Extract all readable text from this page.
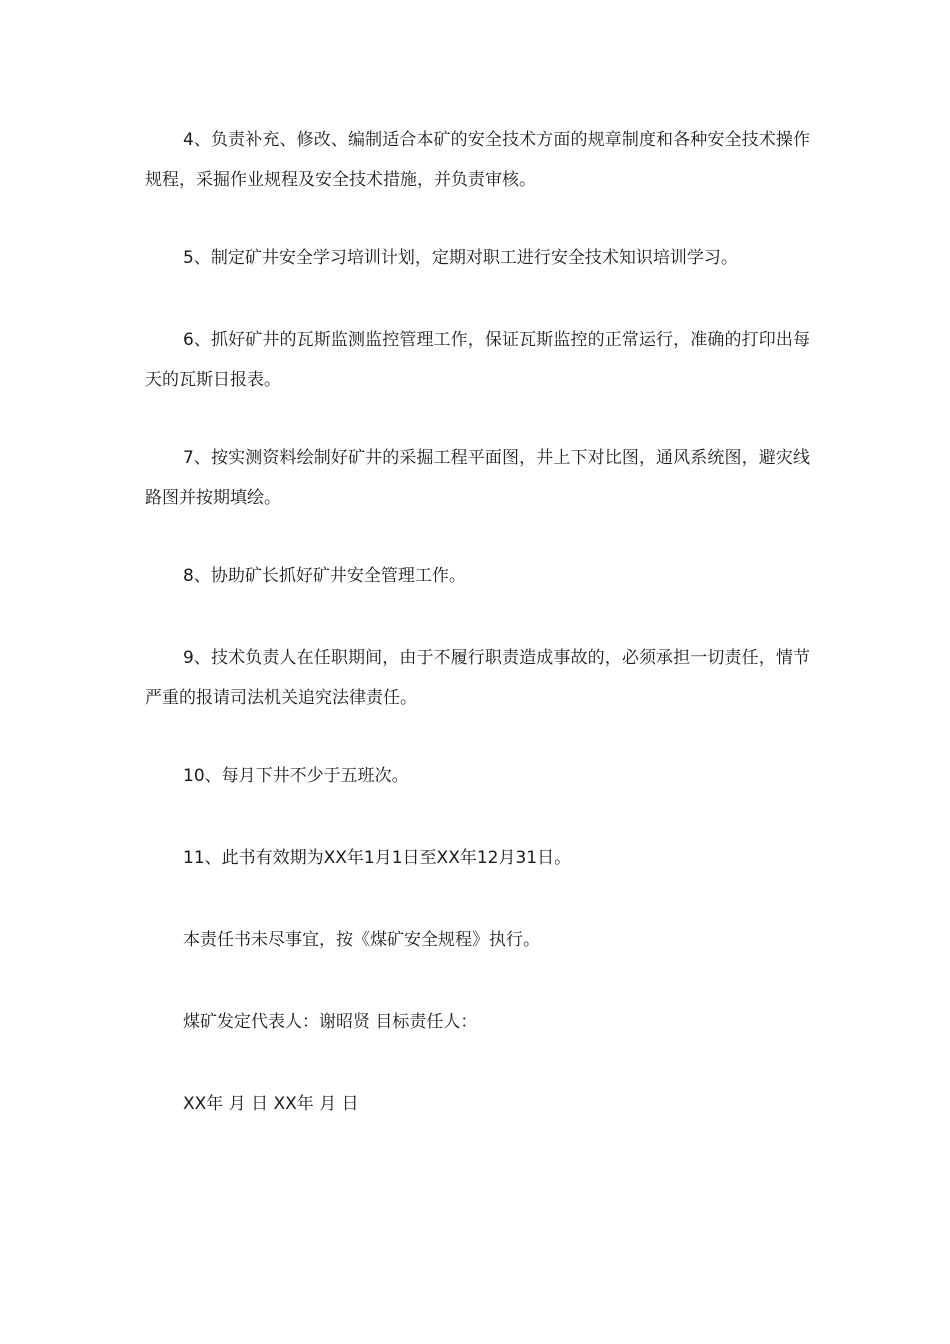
4、负责补充、修改、编制适合本矿的安全技术方面的规章制度和各种安全技术操作规程，采掘作业规程及安全技术措施，并负责审核。

5、制定矿井安全学习培训计划，定期对职工进行安全技术知识培训学习。

6、抓好矿井的瓦斯监测监控管理工作，保证瓦斯监控的正常运行，准确的打印出每天的瓦斯日报表。

7、按实测资料绘制好矿井的采掘工程平面图，井上下对比图，通风系统图，避灾线路图并按期填绘。

8、协助矿长抓好矿井安全管理工作。

9、技术负责人在任职期间，由于不履行职责造成事故的，必须承担一切责任，情节严重的报请司法机关追究法律责任。

10、每月下井不少于五班次。

11、此书有效期为XX年1月1日至XX年12月31日。

本责任书未尽事宜，按《煤矿安全规程》执行。

煤矿发定代表人：谢昭贤 目标责任人：

XX年 月 日 XX年 月 日
